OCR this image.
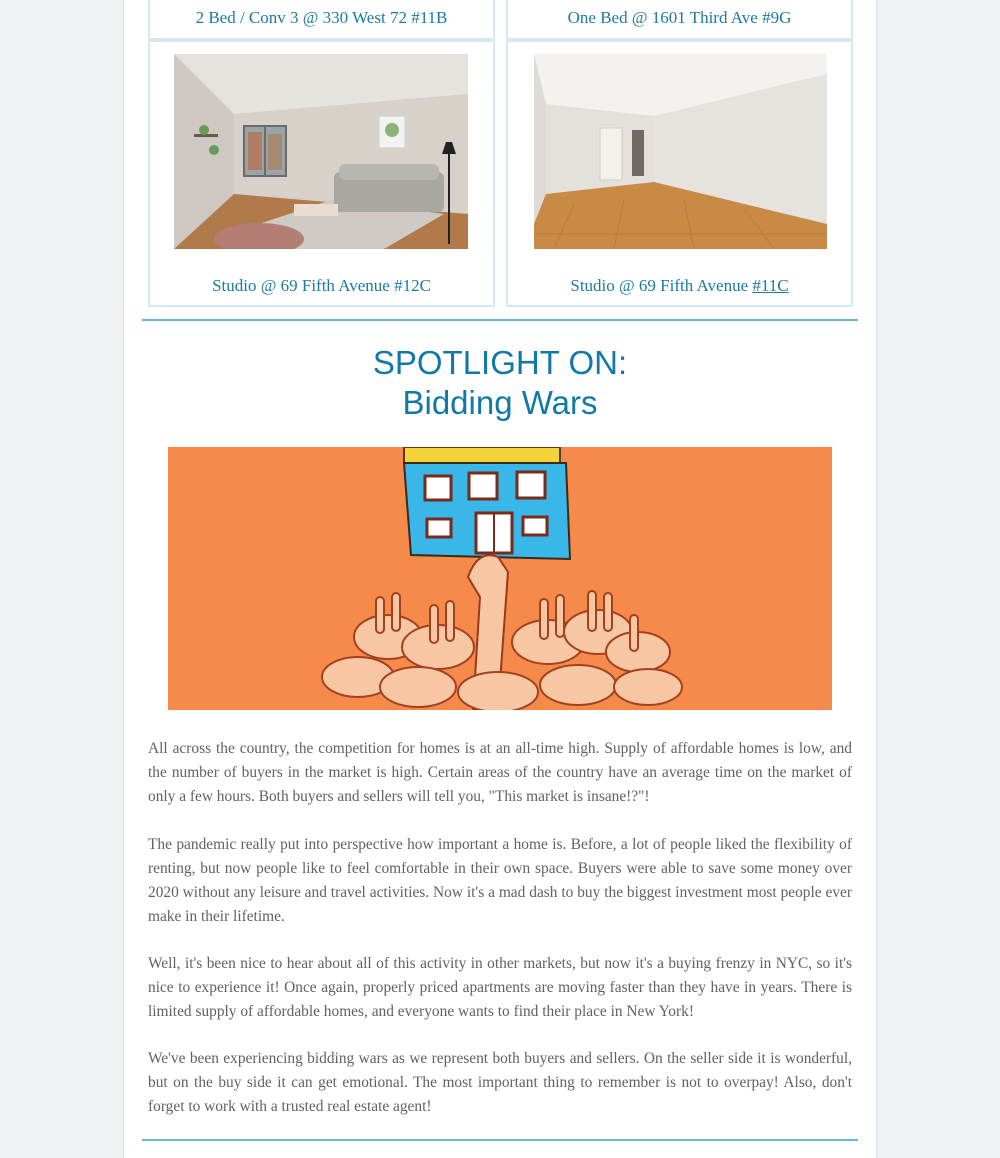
2 Bed / Conv 3 @ 330 West 72 #11B	One Bed @ 1601 Third Ave #9G
Studio @ 69 Fifth Avenue #12C	Studio @ 69 Fifth Avenue #11C
SPOTLIGHT ON:
Bidding Wars

All across the country, the competition for homes is at an all-time high. Supply of affordable homes is low, and the number of buyers in the market is high. Certain areas of the country have an average time on the market of only a few hours. Both buyers and sellers will tell you, "This market is insane!?"!

The pandemic really put into perspective how important a home is. Before, a lot of people liked the flexibility of renting, but now people like to feel comfortable in their own space. Buyers were able to save some money over 2020 without any leisure and travel activities. Now it's a mad dash to buy the biggest investment most people ever make in their lifetime.

Well, it's been nice to hear about all of this activity in other markets, but now it's a buying frenzy in NYC, so it's nice to experience it! Once again, properly priced apartments are moving faster than they have in years. There is limited supply of affordable homes, and everyone wants to find their place in New York!

We've been experiencing bidding wars as we represent both buyers and sellers. On the seller side it is wonderful, but on the buy side it can get emotional. The most important thing to remember is not to overpay! Also, don't forget to work with a trusted real estate agent!
